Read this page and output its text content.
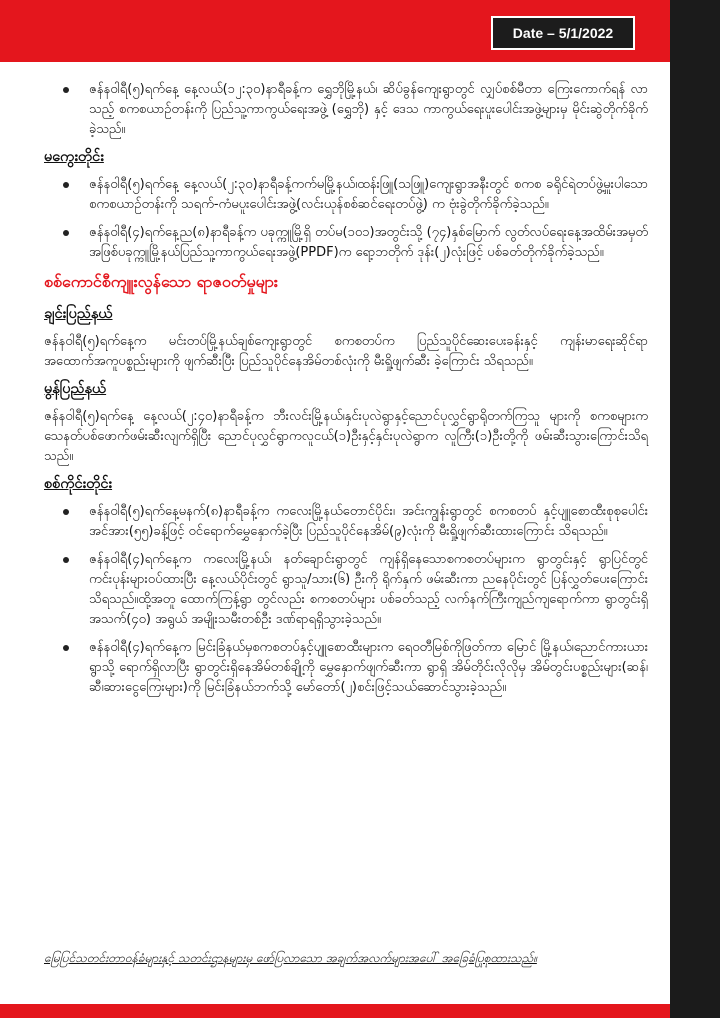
Date – 5/1/2022
ဇန်နဝါရီ(၅)ရက်နေ့ နေ့လယ်(၁၂:၃၀)နာရီခန့်က ရွှေဘိုမြို့နယ်၊ ဆိပ်ခွန်ကျေးရွာတွင် လျှပ်စစ်မီတာ ကြေးကောက်ရန် လာသည့် စကစယာဉ်တန်းကို ပြည်သူ့ကာကွယ်ရေးအဖွဲ့ (ရွှေဘို) နှင့် ဒေသ ကာကွယ်ရေးပူးပေါင်းအဖွဲ့များမှ မိုင်းဆွဲတိုက်ခိုက်ခဲ့သည်။
မကွေးတိုင်း
ဇန်နဝါရီ(၅)ရက်နေ့ နေ့လယ်(၂:၃၀)နာရီခန့်ကက်မမြို့နယ်၊ထန်းဖြူ(သဖြူ)ကျေးရွာအနီးတွင် စကစ ခရိုင်ရဲတပ်ဖွဲ့မှူးပါသောစကစယာဉ်တန်းကို သရက်-ကံမပူးပေါင်းအဖွဲ့(လင်းယုန်စစ်ဆင်ရေးတပ်ဖွဲ့) က ဗုံးခွဲတိုက်ခိုက်ခဲ့သည်။
ဇန်နဝါရီ(၄)ရက်နေ့ည(၈)နာရီခန့်က ပခုက္ကူမြို့ရှိ တပ်မ(၁၀၁)အတွင်းသို့ (၇၄)နှစ်မြောက် လွတ်လပ်ရေးနေ့အထိမ်းအမှတ်အဖြစ်ပခုက္ကူမြို့နယ်ပြည်သူ့ကာကွယ်ရေးအဖွဲ့(PPDF)က ရော့ဘတိုက် ဒုန်း(၂)လုံးဖြင့် ပစ်ခတ်တိုက်ခိုက်ခဲ့သည်။
စစ်ကောင်စီကျူးလွန်သော ရာဇဝတ်မှုများ
ချင်းပြည်နယ်

ဇန်နဝါရီ(၅)ရက်နေ့က မင်းတပ်မြို့နယ်ချစ်ကျေးရွာတွင် စကစတပ်က ပြည်သူပိုင်ဆေးပေးခန်းနှင့် ကျန်းမာရေးဆိုင်ရာအထောက်အကူပစ္စည်းများကို ဖျက်ဆီးပြီး ပြည်သူပိုင်နေအိမ်တစ်လုံးကို မီးရှို့ဖျက်ဆီး ခဲ့ကြောင်း သိရသည်။

မွန်ပြည်နယ်

ဇန်နဝါရီ(၅)ရက်နေ့ နေ့လယ်(၂:၄၀)နာရီခန့်က ဘီးလင်းမြို့နယ်၊နှင်းပုလဲရွာနှင့်ညောင်ပုလွှင်ရွာရိုတက်ကြသူ များကို စကစများက သေနတ်ပစ်ဖောက်ဖမ်းဆီးလျက်ရှိပြီး ညောင်ပုလွှင်ရွာကလူငယ်(၁)ဦးနှင့်နှင်းပုလဲရွာက လူကြီး(၁)ဦးတို့ကို ဖမ်းဆီးသွားကြောင်းသိရသည်။

စစ်ကိုင်းတိုင်း
ဇန်နဝါရီ(၅)ရက်နေ့မနက်(၈)နာရီခန့်က ကလေးမြို့နယ်တောင်ပိုင်း၊ အင်းကျွန်းရွာတွင် စကစတပ် နှင့်ပျူစောထီးစုစုပေါင်းအင်အား(၅၅)ခန့်ဖြင့် ဝင်ရောက်မွှေနှောက်ခဲ့ပြီး ပြည်သူပိုင်နေအိမ်(၉)လုံးကို မီးရှို့ဖျက်ဆီးထားကြောင်း သိရသည်။
ဇန်နဝါရီ(၄)ရက်နေ့က ကလေးမြို့နယ်၊ နတ်ချောင်းရွာတွင် ကျန်ရှိနေသောစကစတပ်များက ရွာတွင်းနှင့် ရွာပြင်တွင် ကင်းပုန်းများဝပ်ထားပြီး နေ့လယ်ပိုင်းတွင် ရွာသူ/သား(၆) ဦးကို ရိုက်နှက် ဖမ်းဆီးကာ ညနေပိုင်းတွင် ပြန်လွှတ်ပေးကြောင်းသိရသည်။ထို့အတူ ထောက်ကြန့်ရွာ တွင်လည်း စကစတပ်များ ပစ်ခတ်သည့် လက်နက်ကြီးကျည်ကျရောက်ကာ ရွာတွင်းရှိ အသက်(၄၀) အရွယ် အမျိုးသမီးတစ်ဦး ဒဏ်ရာရရှိသွားခဲ့သည်။
ဇန်နဝါရီ(၄)ရက်နေ့က မြင်းခြံနယ်မှစကစတပ်နှင့်ပျူစောထီးများက ရေဝတီမြစ်ကိုဖြတ်ကာ မြောင် မြို့နယ်၊ညောင်ကားယားရွာသို့ ရောက်ရှိလာပြီး ရွာတွင်းရှိနေအိမ်တစ်ချို့ကို မွှေနှောက်ဖျက်ဆီးကာ ရွာရှိ အိမ်တိုင်းလိုလိုမှ အိမ်တွင်းပစ္စည်းများ(ဆန်၊ဆီ၊ဆားငွေကြေးများ)ကို မြင်းခြံနယ်ဘက်သို့ မော်တော်(၂)စင်းဖြင့်သယ်ဆောင်သွားခဲ့သည်။
မြေပြင်သတင်းတာဝန်ခံများနှင့် သတင်းဌာနများမှ ဖော်ပြလာသော အချက်အလက်များအပေါ် အခြေခံပြုစုထားသည်။
